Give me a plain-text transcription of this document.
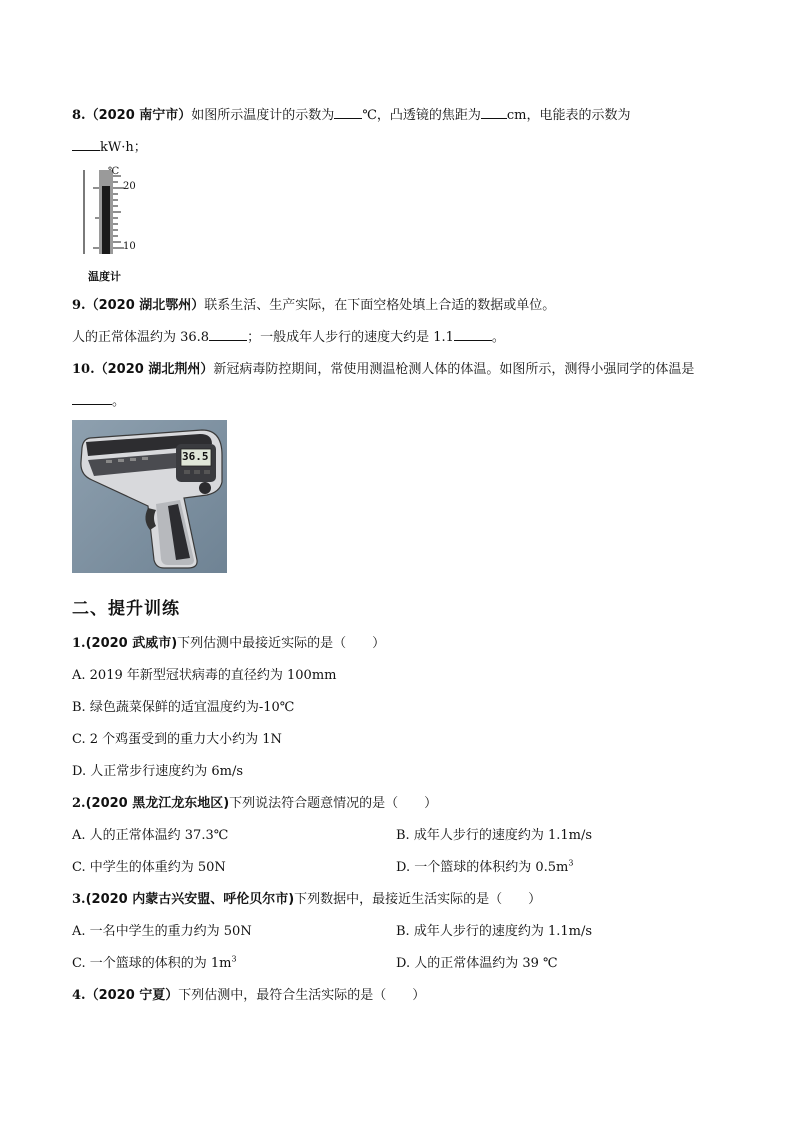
8.（2020 南宁市）如图所示温度计的示数为 ℃，凸透镜的焦距为 cm，电能表的示数为
kW·h；
℃
20
10
温度计
9.（2020 湖北鄂州）联系生活、生产实际，在下面空格处填上合适的数据或单位。
人的正常体温约为 36.8	；一般成年人步行的速度大约是 1.1	。
10.（2020 湖北荆州）新冠病毒防控期间，常使用测温枪测人体的体温。如图所示，测得小强同学的体温是
。
36.5
二、提升训练
1.(2020 武威市)下列估测中最接近实际的是（　　）
A. 2019 年新型冠状病毒的直径约为 100mm
B. 绿色蔬菜保鲜的适宜温度约为-10℃
C. 2 个鸡蛋受到的重力大小约为 1N
D. 人正常步行速度约为 6m/s
2.(2020 黑龙江龙东地区)下列说法符合题意情况的是（　　）
A. 人的正常体温约 37.3℃	B. 成年人步行的速度约为 1.1m/s
C. 中学生的体重约为 50N	D. 一个篮球的体积约为 $0.5m^3$
3.(2020 内蒙古兴安盟、呼伦贝尔市)下列数据中，最接近生活实际的是（　　）
A. 一名中学生的重力约为 50N	B. 成年人步行的速度约为 1.1m/s
C. 一个篮球的体积的为 $1m^3$	D. 人的正常体温约为 39 ℃
4.（2020 宁夏）下列估测中，最符合生活实际的是（　　）
